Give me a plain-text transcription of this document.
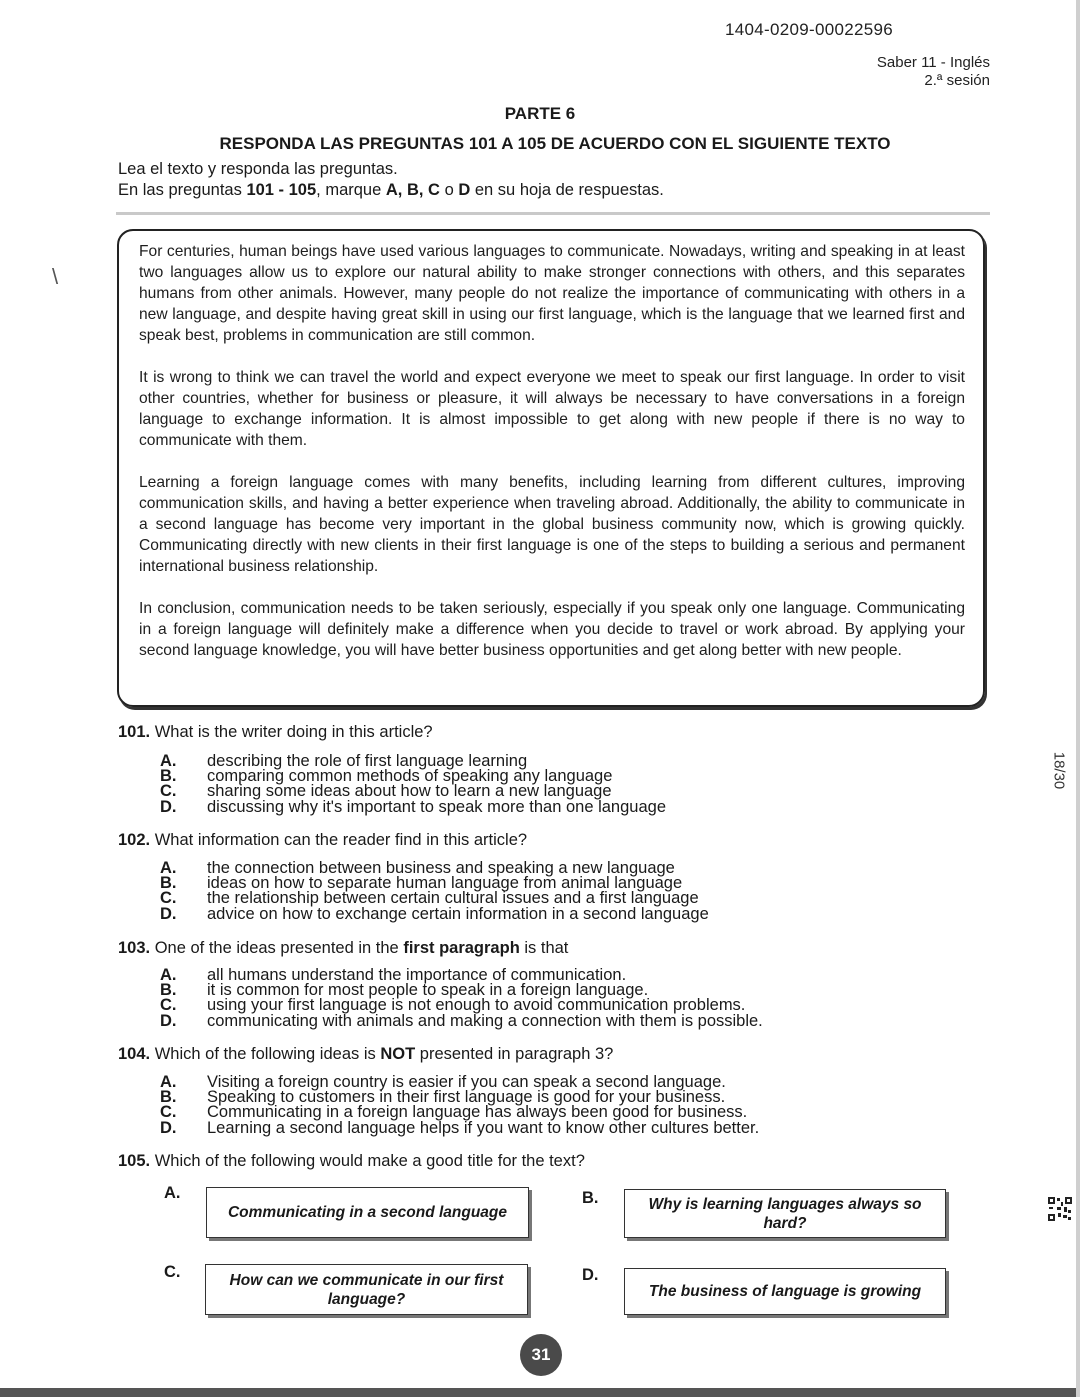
1404-0209-00022596
Saber 11 - Inglés
2.ª sesión
PARTE 6
RESPONDA LAS PREGUNTAS 101 A 105 DE ACUERDO CON EL SIGUIENTE TEXTO
Lea el texto y responda las preguntas.
En las preguntas 101 - 105, marque A, B, C o D en su hoja de respuestas.

For centuries, human beings have used various languages to communicate. Nowadays, writing and speaking in at least two languages allow us to explore our natural ability to make stronger connections with others, and this separates humans from other animals. However, many people do not realize the importance of communicating with others in a new language, and despite having great skill in using our first language, which is the language that we learned first and speak best, problems in communication are still common.

It is wrong to think we can travel the world and expect everyone we meet to speak our first language. In order to visit other countries, whether for business or pleasure, it will always be necessary to have conversations in a foreign language to exchange information. It is almost impossible to get along with new people if there is no way to communicate with them.

Learning a foreign language comes with many benefits, including learning from different cultures, improving communication skills, and having a better experience when traveling abroad. Additionally, the ability to communicate in a second language has become very important in the global business community now, which is growing quickly. Communicating directly with new clients in their first language is one of the steps to building a serious and permanent international business relationship.

In conclusion, communication needs to be taken seriously, especially if you speak only one language. Communicating in a foreign language will definitely make a difference when you decide to travel or work abroad. By applying your second language knowledge, you will have better business opportunities and get along better with new people.

101. What is the writer doing in this article?
A.	describing the role of first language learning
B.	comparing common methods of speaking any language
C.	sharing some ideas about how to learn a new language
D.	discussing why it's important to speak more than one language
102. What information can the reader find in this article?
A.	the connection between business and speaking a new language
B.	ideas on how to separate human language from animal language
C.	the relationship between certain cultural issues and a first language
D.	advice on how to exchange certain information in a second language
103. One of the ideas presented in the first paragraph is that
A.	all humans understand the importance of communication.
B.	it is common for most people to speak in a foreign language.
C.	using your first language is not enough to avoid communication problems.
D.	communicating with animals and making a connection with them is possible.
104. Which of the following ideas is NOT presented in paragraph 3?
A.	Visiting a foreign country is easier if you can speak a second language.
B.	Speaking to customers in their first language is good for your business.
C.	Communicating in a foreign language has always been good for business.
D.	Learning a second language helps if you want to know other cultures better.
105. Which of the following would make a good title for the text?
A.
Communicating in a second language
B.	Why is learning languages always so hard?
C.	How can we communicate in our first language?
D.
The business of language is growing
31
18/30
\
